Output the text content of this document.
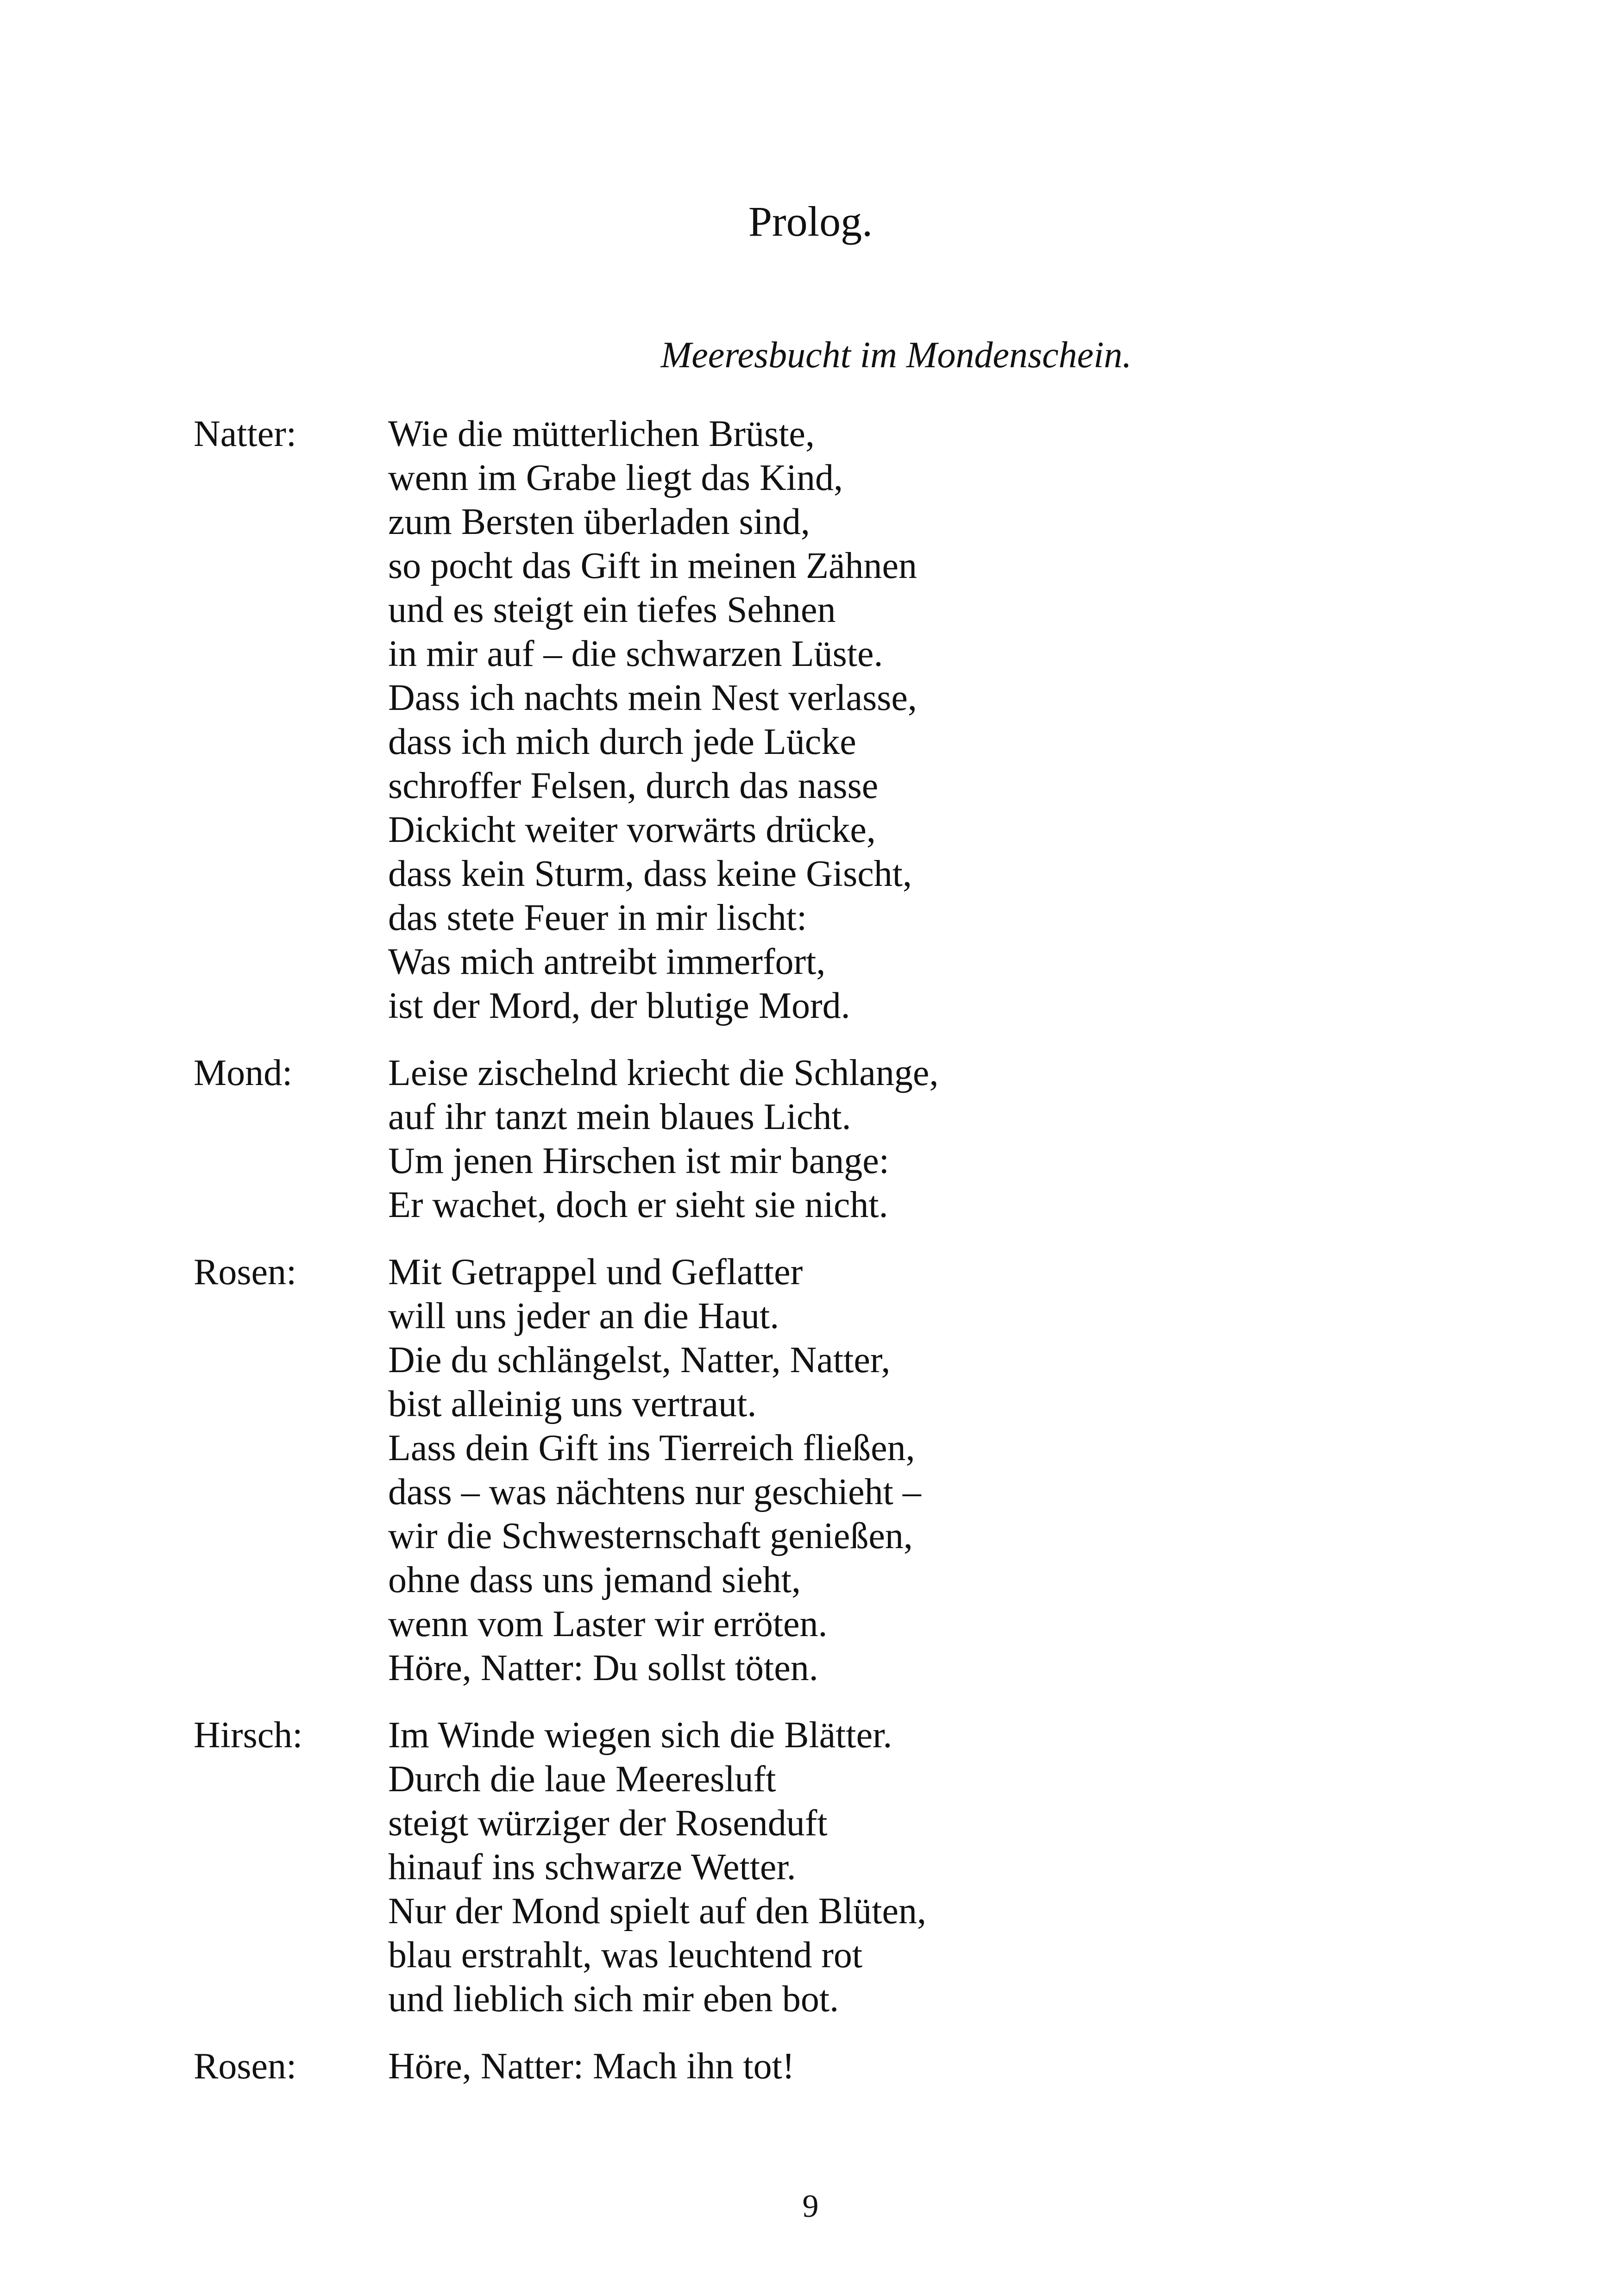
Prolog.

Meeresbucht im Mondenschein.

Natter:	Wie die mütterlichen Brüste,
wenn im Grabe liegt das Kind,
zum Bersten überladen sind,
so pocht das Gift in meinen Zähnen
und es steigt ein tiefes Sehnen
in mir auf – die schwarzen Lüste.
Dass ich nachts mein Nest verlasse,
dass ich mich durch jede Lücke
schroffer Felsen, durch das nasse
Dickicht weiter vorwärts drücke,
dass kein Sturm, dass keine Gischt,
das stete Feuer in mir lischt:
Was mich antreibt immerfort,
ist der Mord, der blutige Mord.
Mond:	Leise zischelnd kriecht die Schlange,
auf ihr tanzt mein blaues Licht.
Um jenen Hirschen ist mir bange:
Er wachet, doch er sieht sie nicht.
Rosen:	Mit Getrappel und Geflatter
will uns jeder an die Haut.
Die du schlängelst, Natter, Natter,
bist alleinig uns vertraut.
Lass dein Gift ins Tierreich fließen,
dass – was nächtens nur geschieht –
wir die Schwesternschaft genießen,
ohne dass uns jemand sieht,
wenn vom Laster wir erröten.
Höre, Natter: Du sollst töten.
Hirsch:	Im Winde wiegen sich die Blätter.
Durch die laue Meeresluft
steigt würziger der Rosenduft
hinauf ins schwarze Wetter.
Nur der Mond spielt auf den Blüten,
blau erstrahlt, was leuchtend rot
und lieblich sich mir eben bot.
Rosen:	Höre, Natter: Mach ihn tot!

9
